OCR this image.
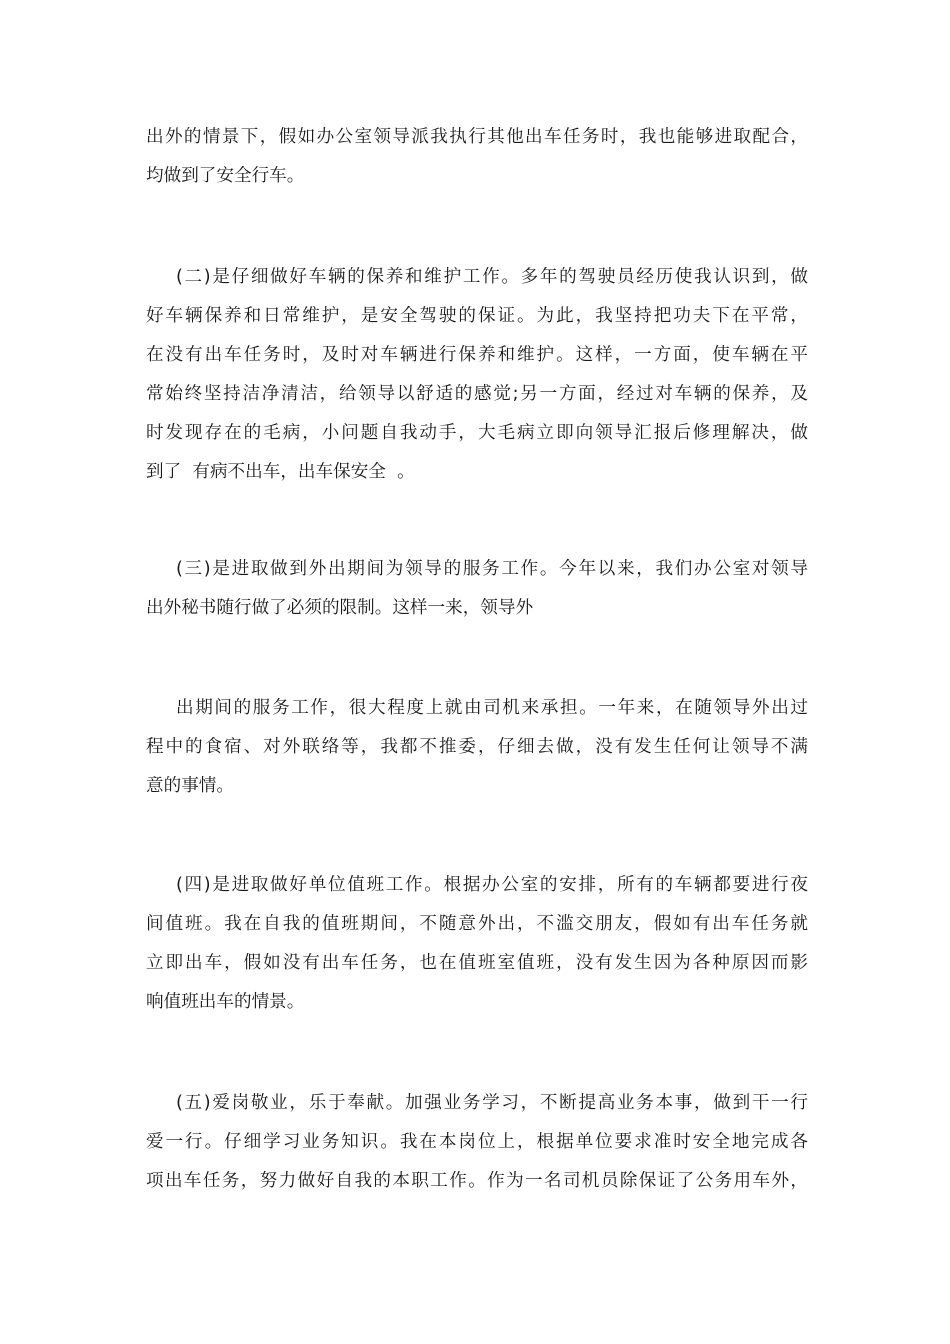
出外的情景下，假如办公室领导派我执行其他出车任务时，我也能够进取配合，
均做到了安全行车。
(二)是仔细做好车辆的保养和维护工作。多年的驾驶员经历使我认识到，做
好车辆保养和日常维护，是安全驾驶的保证。为此，我坚持把功夫下在平常，
在没有出车任务时，及时对车辆进行保养和维护。这样，一方面，使车辆在平
常始终坚持洁净清洁，给领导以舒适的感觉;另一方面，经过对车辆的保养，及
时发现存在的毛病，小问题自我动手，大毛病立即向领导汇报后修理解决，做
到了  有病不出车，出车保安全  。
(三)是进取做到外出期间为领导的服务工作。今年以来，我们办公室对领导
出外秘书随行做了必须的限制。这样一来，领导外
出期间的服务工作，很大程度上就由司机来承担。一年来，在随领导外出过
程中的食宿、对外联络等，我都不推委，仔细去做，没有发生任何让领导不满
意的事情。
(四)是进取做好单位值班工作。根据办公室的安排，所有的车辆都要进行夜
间值班。我在自我的值班期间，不随意外出，不滥交朋友，假如有出车任务就
立即出车，假如没有出车任务，也在值班室值班，没有发生因为各种原因而影
响值班出车的情景。
(五)爱岗敬业，乐于奉献。加强业务学习，不断提高业务本事，做到干一行
爱一行。仔细学习业务知识。我在本岗位上，根据单位要求准时安全地完成各
项出车任务，努力做好自我的本职工作。作为一名司机员除保证了公务用车外，
